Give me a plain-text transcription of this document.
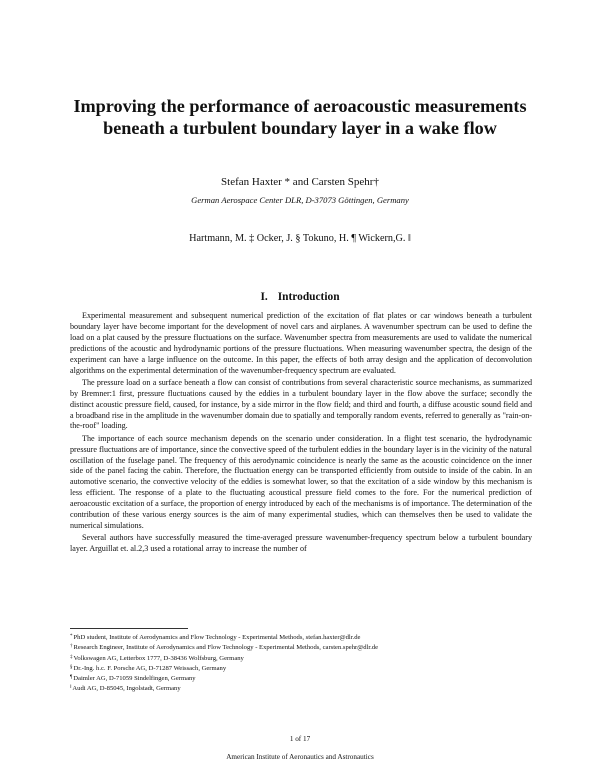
Improving the performance of aeroacoustic measurements beneath a turbulent boundary layer in a wake flow
Stefan Haxter * and Carsten Spehr†
German Aerospace Center DLR, D-37073 Göttingen, Germany
Hartmann, M. ‡ Ocker, J. § Tokuno, H. ¶ Wickern,G. ‖
I. Introduction

Experimental measurement and subsequent numerical prediction of the excitation of flat plates or car windows beneath a turbulent boundary layer have become important for the development of novel cars and airplanes. A wavenumber spectrum can be used to define the load on a plat caused by the pressure fluctuations on the surface. Wavenumber spectra from measurements are used to validate the numerical predictions of the acoustic and hydrodynamic portions of the pressure fluctuations. When measuring wavenumber spectra, the design of the experiment can have a large influence on the outcome. In this paper, the effects of both array design and the application of deconvolution algorithms on the experimental determination of the wavenumber-frequency spectrum are evaluated.

The pressure load on a surface beneath a flow can consist of contributions from several characteristic source mechanisms, as summarized by Bremner:1 first, pressure fluctuations caused by the eddies in a turbulent boundary layer in the flow above the surface; secondly the distinct acoustic pressure field, caused, for instance, by a side mirror in the flow field; and third and fourth, a diffuse acoustic sound field and a broadband rise in the amplitude in the wavenumber domain due to spatially and temporally random events, referred to generally as "rain-on-the-roof" loading.

The importance of each source mechanism depends on the scenario under consideration. In a flight test scenario, the hydrodynamic pressure fluctuations are of importance, since the convective speed of the turbulent eddies in the boundary layer is in the vicinity of the natural oscillation of the fuselage panel. The frequency of this aerodynamic coincidence is nearly the same as the acoustic coincidence on the inner side of the panel facing the cabin. Therefore, the fluctuation energy can be transported efficiently from outside to inside of the cabin. In an automotive scenario, the convective velocity of the eddies is somewhat lower, so that the excitation of a side window by this mechanism is less efficient. The response of a plate to the fluctuating acoustical pressure field comes to the fore. For the numerical prediction of aeroacoustic excitation of a surface, the proportion of energy introduced by each of the mechanisms is of importance. The determination of the contribution of these various energy sources is the aim of many experimental studies, which can themselves then be used to validate the numerical simulations.

Several authors have successfully measured the time-averaged pressure wavenumber-frequency spectrum below a turbulent boundary layer. Arguillat et. al.2,3 used a rotational array to increase the number of

*PhD student, Institute of Aerodynamics and Flow Technology - Experimental Methods, stefan.haxter@dlr.de
†Research Engineer, Institute of Aerodynamics and Flow Technology - Experimental Methods, carsten.spehr@dlr.de
‡Volkswagen AG, Letterbox 1777, D-38436 Wolfsburg, Germany
§Dr.-Ing. h.c. F. Porsche AG, D-71287 Weissach, Germany
¶Daimler AG, D-71059 Sindelfingen, Germany
‖Audi AG, D-85045, Ingolstadt, Germany
1 of 17
American Institute of Aeronautics and Astronautics
